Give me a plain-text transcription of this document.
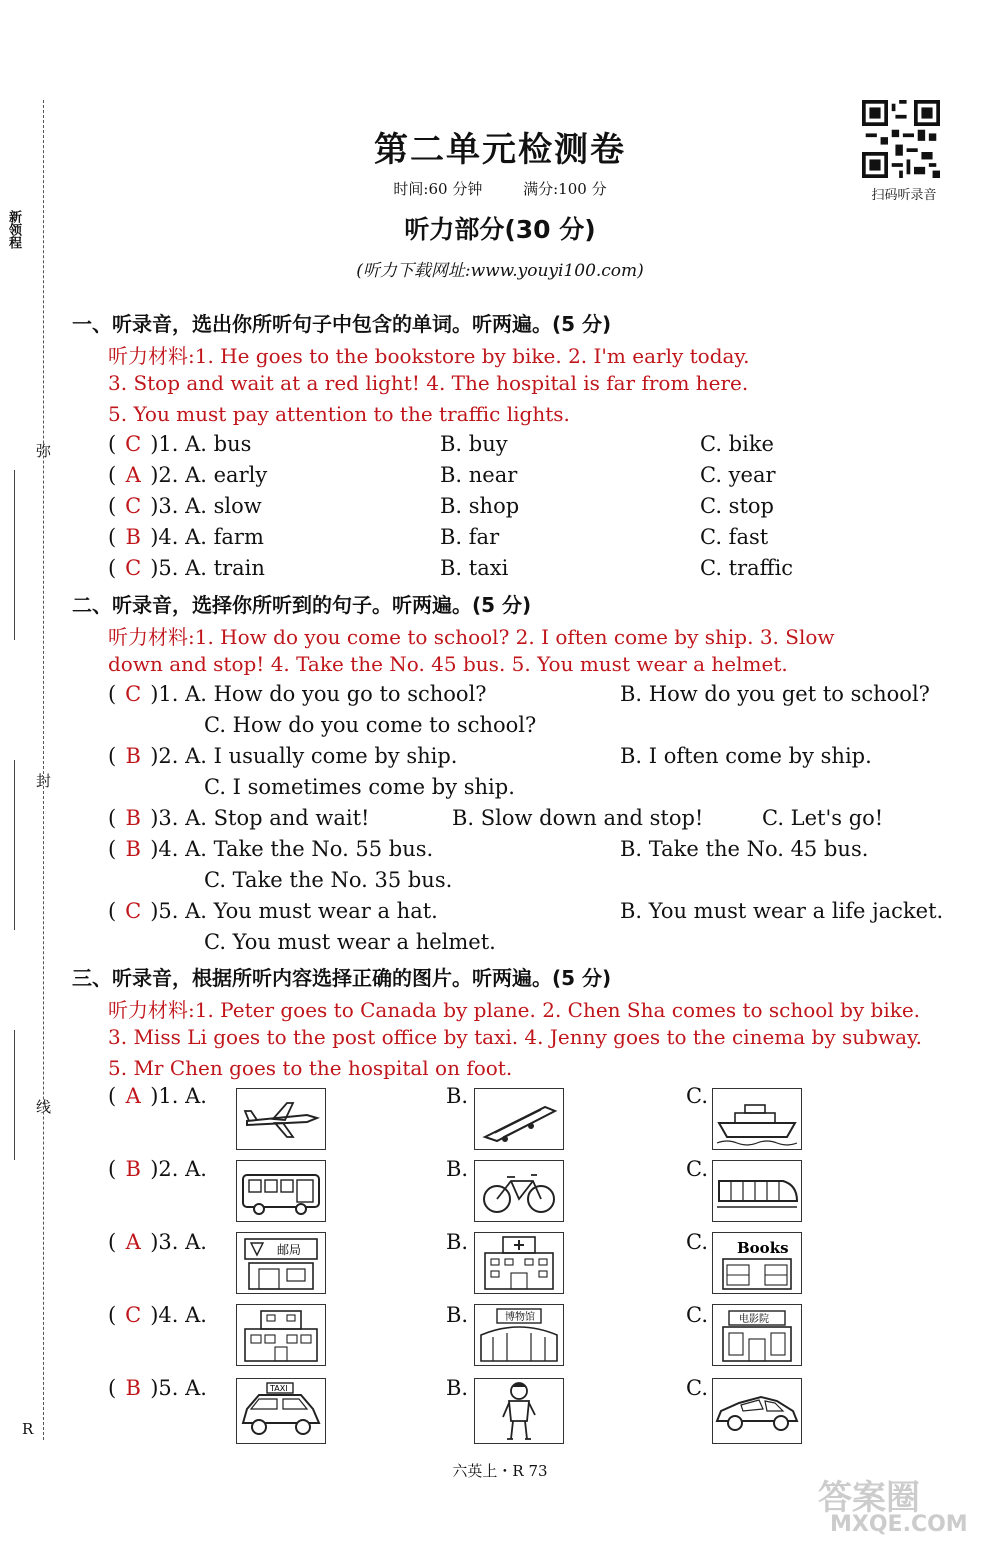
新领程
弥
封
线
R
第二单元检测卷
时间:60 分钟	满分:100 分
听力部分(30 分)
(听力下载网址:www.youyi100.com)
扫码听录音
一、听录音，选出你所听句子中包含的单词。听两遍。(5 分)
听力材料:1. He goes to the bookstore by bike. 2. I'm early today.
3. Stop and wait at a red light! 4. The hospital is far from here.
5. You must pay attention to the traffic lights.
( C )1. A. bus	B. buy	C. bike
( A )2. A. early	B. near	C. year
( C )3. A. slow	B. shop	C. stop
( B )4. A. farm	B. far	C. fast
( C )5. A. train	B. taxi	C. traffic
二、听录音，选择你所听到的句子。听两遍。(5 分)
听力材料:1. How do you come to school? 2. I often come by ship. 3. Slow
down and stop! 4. Take the No. 45 bus. 5. You must wear a helmet.
( C )1. A. How do you go to school?	B. How do you get to school?
C. How do you come to school?
( B )2. A. I usually come by ship.	B. I often come by ship.
C. I sometimes come by ship.
( B )3. A. Stop and wait!	B. Slow down and stop!	C. Let's go!
( B )4. A. Take the No. 55 bus.	B. Take the No. 45 bus.
C. Take the No. 35 bus.
( C )5. A. You must wear a hat.	B. You must wear a life jacket.
C. You must wear a helmet.
三、听录音，根据所听内容选择正确的图片。听两遍。(5 分)
听力材料:1. Peter goes to Canada by plane. 2. Chen Sha comes to school by bike.
3. Miss Li goes to the post office by taxi. 4. Jenny goes to the cinema by subway.
5. Mr Chen goes to the hospital on foot.
( A )1. A.	B.	C.
( B )2. A.	B.	C.
( A )3. A.	邮局	B.	C. Books
( C )4. A.	B.	博物馆	C.	电影院
( B )5. A.	TAXI	B.	C.
六英上・R 73
答案圈
MXQE.COM
